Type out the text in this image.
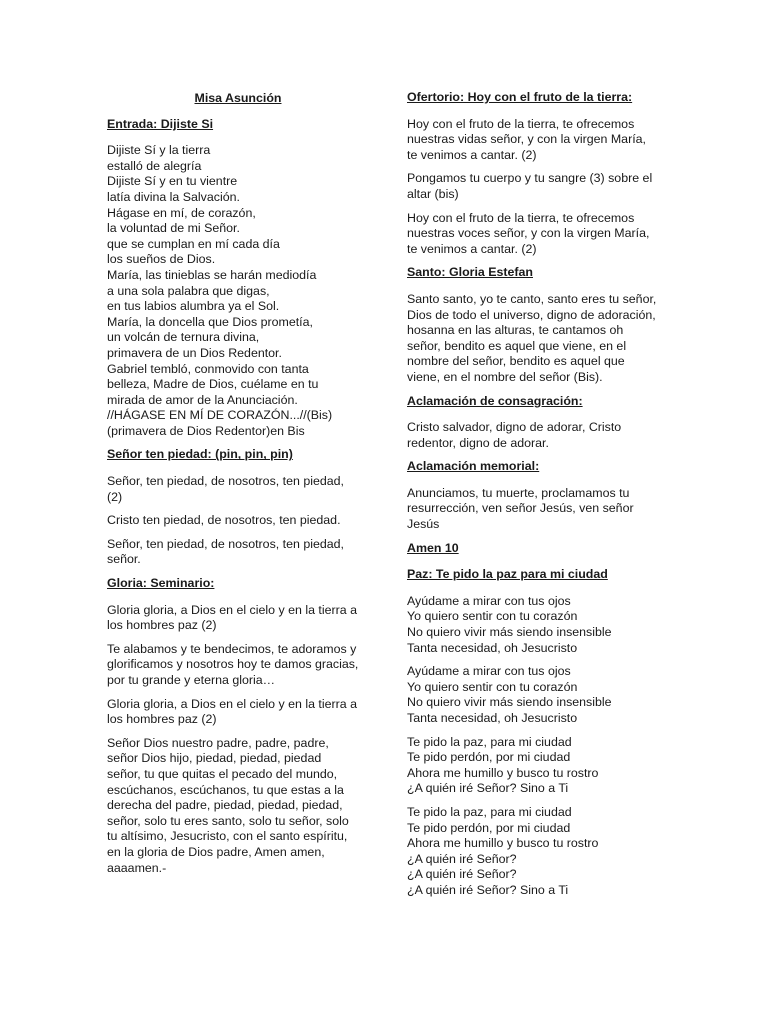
Misa Asunción
Entrada: Dijiste Si
Dijiste Sí y la tierra
estalló de alegría
Dijiste Sí y en tu vientre
latía divina la Salvación.
Hágase en mí, de corazón,
la voluntad de mi Señor.
que se cumplan en mí cada día
los sueños de Dios.
María, las tinieblas se harán mediodía
a una sola palabra que digas,
en tus labios alumbra ya el Sol.
María, la doncella que Dios prometía,
un volcán de ternura divina,
primavera de un Dios Redentor.
Gabriel tembló, conmovido con tanta
belleza, Madre de Dios, cuélame en tu
mirada de amor de la Anunciación.
//HÁGASE EN MÍ DE CORAZÓN...//(Bis)
(primavera de Dios Redentor)en Bis
Señor ten piedad: (pin, pin, pin)
Señor, ten piedad, de nosotros, ten piedad,
(2)
Cristo ten piedad, de nosotros, ten piedad.
Señor, ten piedad, de nosotros, ten piedad,
señor.
Gloria: Seminario:
Gloria gloria, a Dios en el cielo y en la tierra a
los hombres paz (2)
Te alabamos y te bendecimos, te adoramos y
glorificamos y nosotros hoy te damos gracias,
por tu grande y eterna gloria…
Gloria gloria, a Dios en el cielo y en la tierra a
los hombres paz (2)
Señor Dios nuestro padre, padre, padre,
señor Dios hijo, piedad, piedad, piedad
señor, tu que quitas el pecado del mundo,
escúchanos, escúchanos, tu que estas a la
derecha del padre, piedad, piedad, piedad,
señor, solo tu eres santo, solo tu señor, solo
tu altísimo, Jesucristo, con el santo espíritu,
en la gloria de Dios padre, Amen amen,
aaaamen.-
Ofertorio: Hoy con el fruto de la tierra:
Hoy con el fruto de la tierra, te ofrecemos
nuestras vidas señor, y con la virgen María,
te venimos a cantar. (2)
Pongamos tu cuerpo y tu sangre (3) sobre el
altar (bis)
Hoy con el fruto de la tierra, te ofrecemos
nuestras voces señor, y con la virgen María,
te venimos a cantar. (2)
Santo: Gloria Estefan
Santo santo, yo te canto, santo eres tu señor,
Dios de todo el universo, digno de adoración,
hosanna en las alturas, te cantamos oh
señor, bendito es aquel que viene, en el
nombre del señor, bendito es aquel que
viene, en el nombre del señor (Bis).
Aclamación de consagración:
Cristo salvador, digno de adorar, Cristo
redentor, digno de adorar.
Aclamación memorial:
Anunciamos, tu muerte, proclamamos tu
resurrección, ven señor Jesús, ven señor
Jesús
Amen 10
Paz: Te pido la paz para mi ciudad
Ayúdame a mirar con tus ojos
Yo quiero sentir con tu corazón
No quiero vivir más siendo insensible
Tanta necesidad, oh Jesucristo
Ayúdame a mirar con tus ojos
Yo quiero sentir con tu corazón
No quiero vivir más siendo insensible
Tanta necesidad, oh Jesucristo
Te pido la paz, para mi ciudad
Te pido perdón, por mi ciudad
Ahora me humillo y busco tu rostro
¿A quién iré Señor? Sino a Ti
Te pido la paz, para mi ciudad
Te pido perdón, por mi ciudad
Ahora me humillo y busco tu rostro
¿A quién iré Señor?
¿A quién iré Señor?
¿A quién iré Señor? Sino a Ti
